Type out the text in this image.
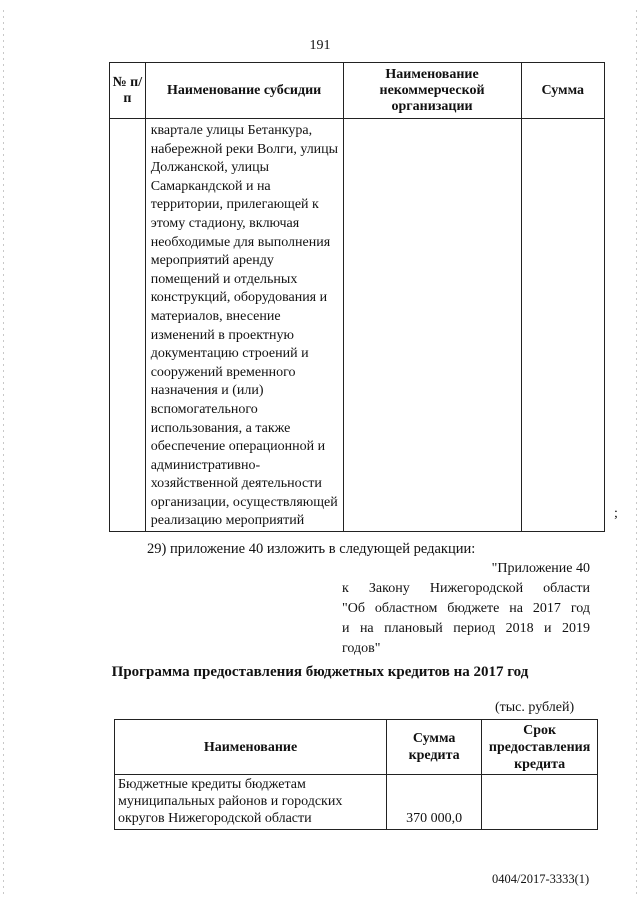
191
№ п/п	Наименование субсидии	Наименование некоммерческой организации	Сумма
	квартале улицы Бетанкура, набережной реки Волги, улицы Должанской, улицы Самаркандской и на территории, прилегающей к этому стадиону, включая необходимые для выполнения мероприятий аренду помещений и отдельных конструкций, оборудования и материалов, внесение изменений в проектную документацию строений и сооружений временного назначения и (или) вспомогательного использования, а также обеспечение операционной и административно-хозяйственной деятельности организации, осуществляющей реализацию мероприятий			;
29) приложение 40 изложить в следующей редакции:
"Приложение 40
к Закону Нижегородской области
"Об областном бюджете на 2017 год
и на плановый период 2018 и 2019
годов"
Программа предоставления бюджетных кредитов на 2017 год
(тыс. рублей)
Наименование	Сумма кредита	Срок предоставления кредита
Бюджетные кредиты бюджетам муниципальных районов и городских округов Нижегородской области	370 000,0	
0404/2017-3333(1)
